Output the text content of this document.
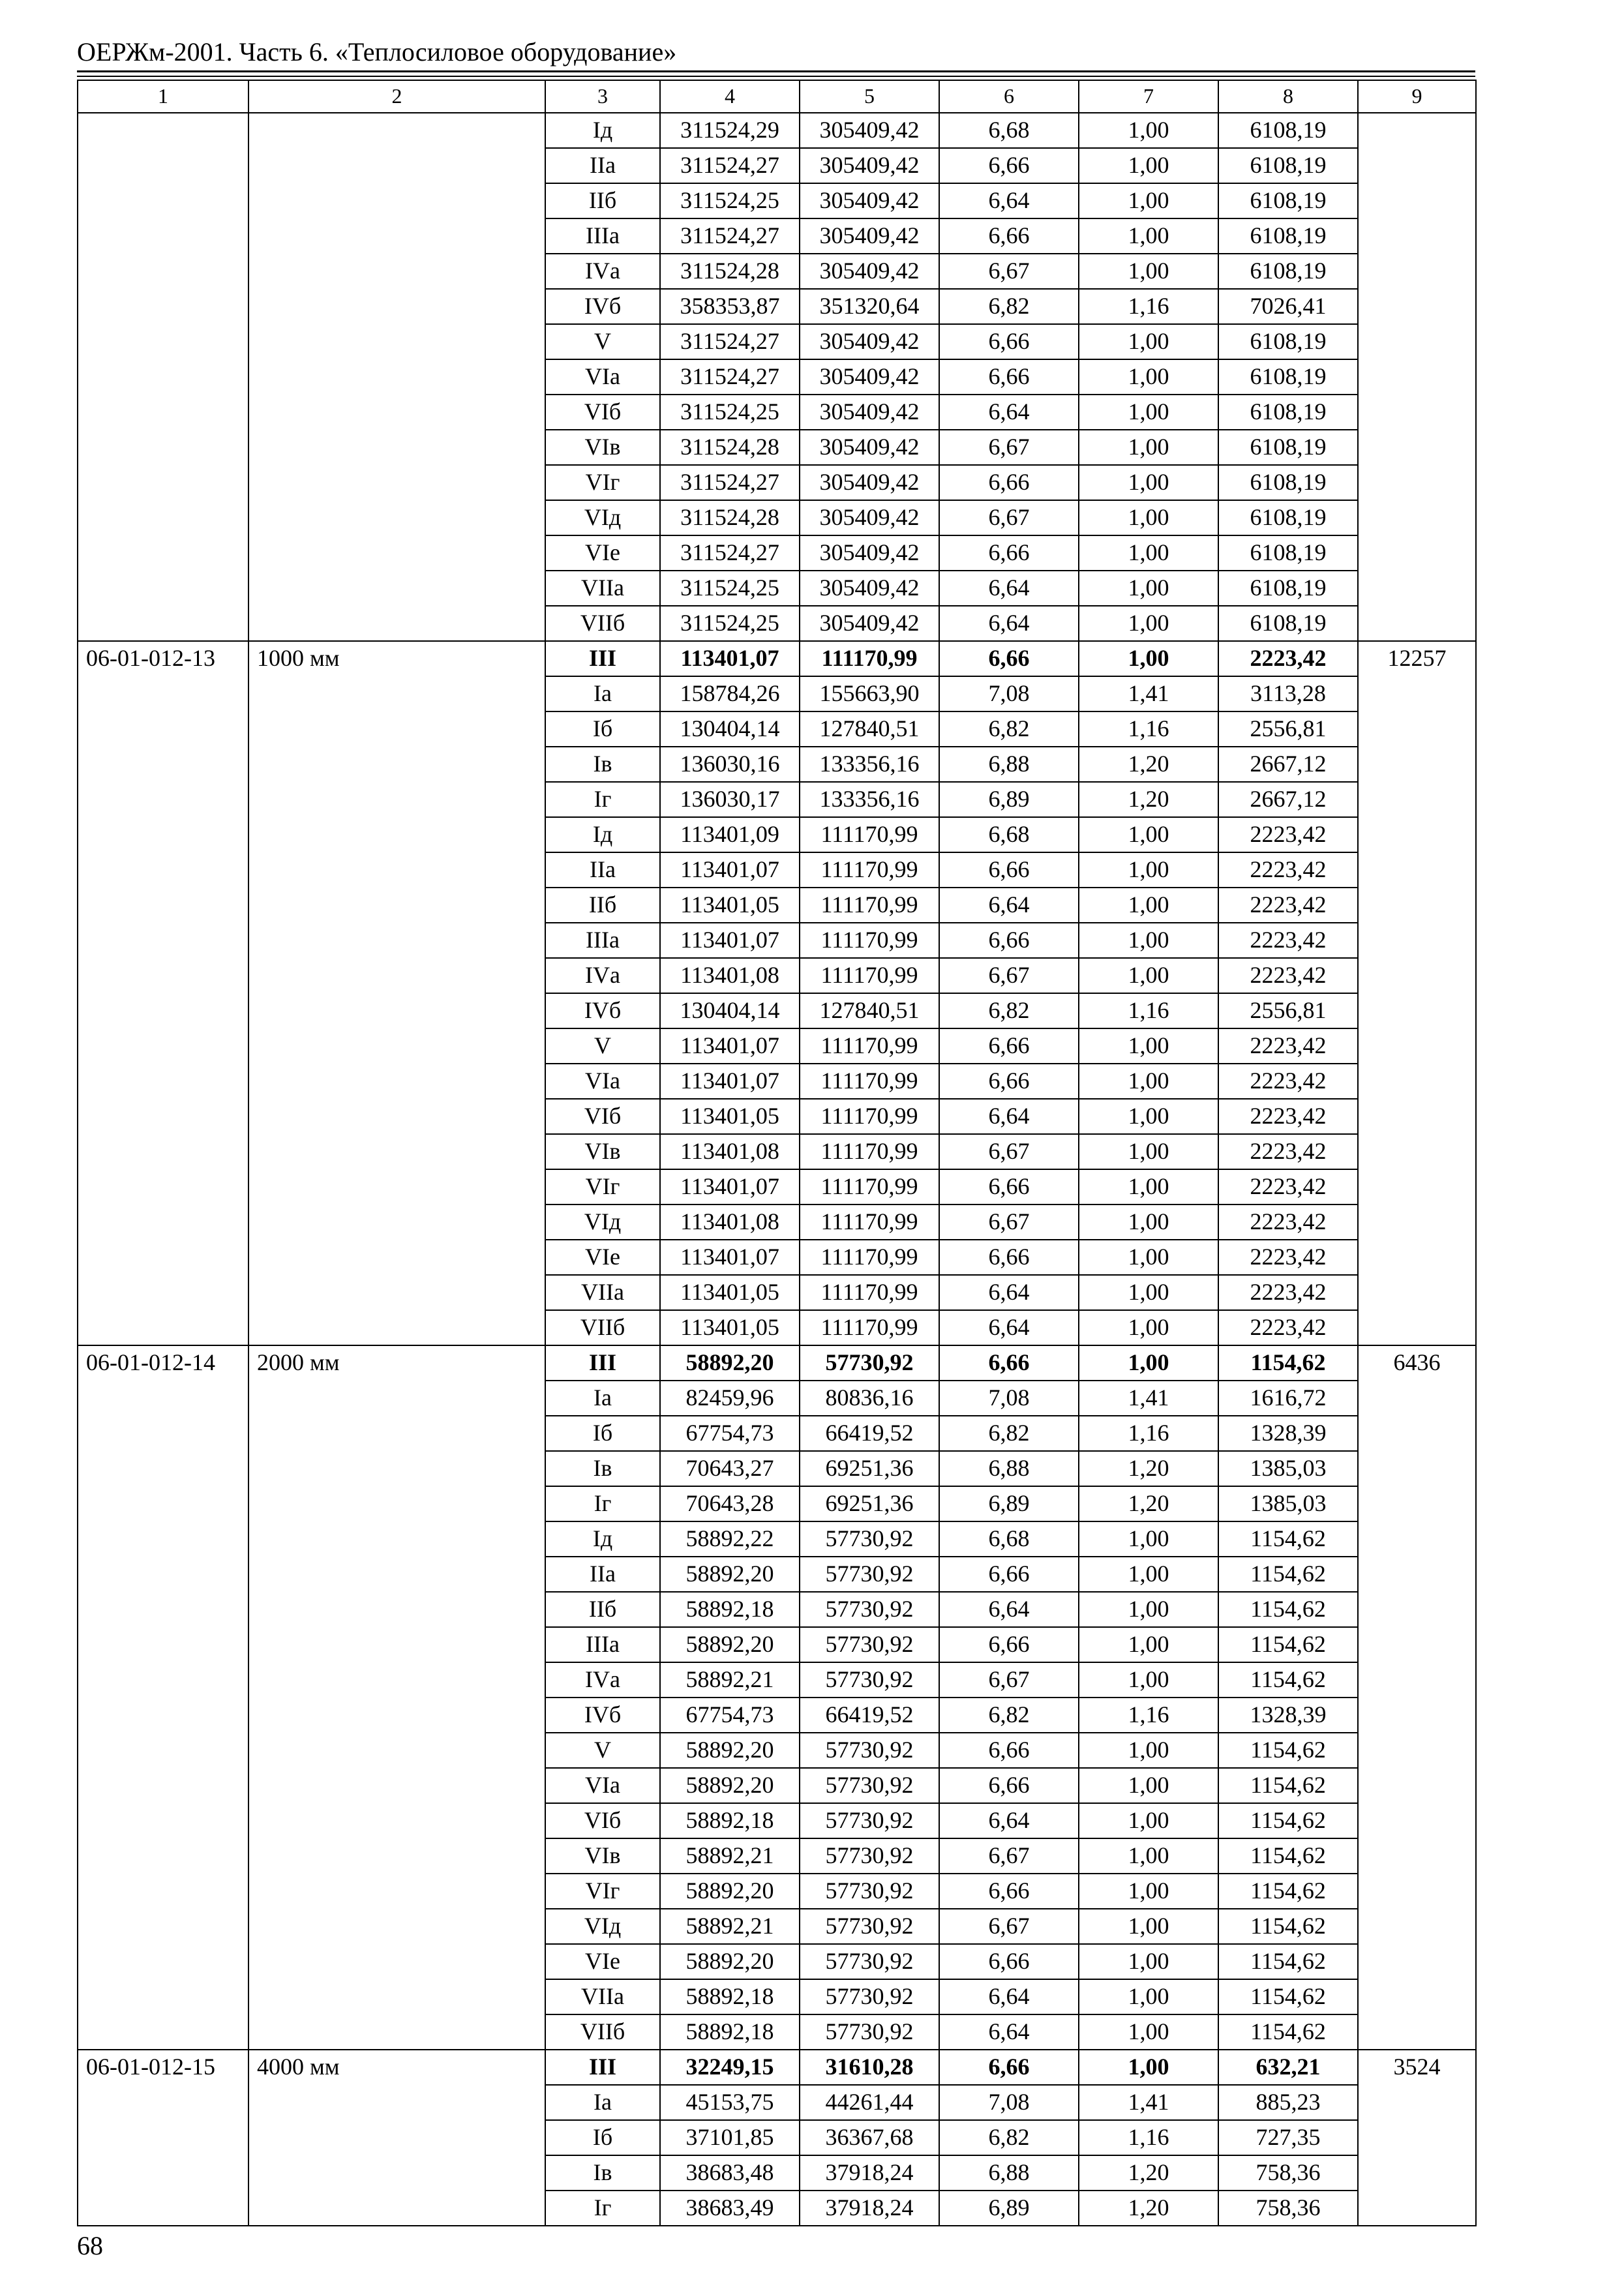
ОЕРЖм-2001. Часть 6. «Теплосиловое оборудование»
1	2	3	4	5	6	7	8	9
		Iд	311524,29	305409,42	6,68	1,00	6108,19	
		IIа	311524,27	305409,42	6,66	1,00	6108,19	
		IIб	311524,25	305409,42	6,64	1,00	6108,19	
		IIIа	311524,27	305409,42	6,66	1,00	6108,19	
		IVа	311524,28	305409,42	6,67	1,00	6108,19	
		IVб	358353,87	351320,64	6,82	1,16	7026,41	
		V	311524,27	305409,42	6,66	1,00	6108,19	
		VIа	311524,27	305409,42	6,66	1,00	6108,19	
		VIб	311524,25	305409,42	6,64	1,00	6108,19	
		VIв	311524,28	305409,42	6,67	1,00	6108,19	
		VIг	311524,27	305409,42	6,66	1,00	6108,19	
		VIд	311524,28	305409,42	6,67	1,00	6108,19	
		VIе	311524,27	305409,42	6,66	1,00	6108,19	
		VIIа	311524,25	305409,42	6,64	1,00	6108,19	
		VIIб	311524,25	305409,42	6,64	1,00	6108,19	
06-01-012-13	1000 мм	III	113401,07	111170,99	6,66	1,00	2223,42	12257
		Iа	158784,26	155663,90	7,08	1,41	3113,28	
		Iб	130404,14	127840,51	6,82	1,16	2556,81	
		Iв	136030,16	133356,16	6,88	1,20	2667,12	
		Iг	136030,17	133356,16	6,89	1,20	2667,12	
		Iд	113401,09	111170,99	6,68	1,00	2223,42	
		IIа	113401,07	111170,99	6,66	1,00	2223,42	
		IIб	113401,05	111170,99	6,64	1,00	2223,42	
		IIIа	113401,07	111170,99	6,66	1,00	2223,42	
		IVа	113401,08	111170,99	6,67	1,00	2223,42	
		IVб	130404,14	127840,51	6,82	1,16	2556,81	
		V	113401,07	111170,99	6,66	1,00	2223,42	
		VIа	113401,07	111170,99	6,66	1,00	2223,42	
		VIб	113401,05	111170,99	6,64	1,00	2223,42	
		VIв	113401,08	111170,99	6,67	1,00	2223,42	
		VIг	113401,07	111170,99	6,66	1,00	2223,42	
		VIд	113401,08	111170,99	6,67	1,00	2223,42	
		VIе	113401,07	111170,99	6,66	1,00	2223,42	
		VIIа	113401,05	111170,99	6,64	1,00	2223,42	
		VIIб	113401,05	111170,99	6,64	1,00	2223,42	
06-01-012-14	2000 мм	III	58892,20	57730,92	6,66	1,00	1154,62	6436
		Iа	82459,96	80836,16	7,08	1,41	1616,72	
		Iб	67754,73	66419,52	6,82	1,16	1328,39	
		Iв	70643,27	69251,36	6,88	1,20	1385,03	
		Iг	70643,28	69251,36	6,89	1,20	1385,03	
		Iд	58892,22	57730,92	6,68	1,00	1154,62	
		IIа	58892,20	57730,92	6,66	1,00	1154,62	
		IIб	58892,18	57730,92	6,64	1,00	1154,62	
		IIIа	58892,20	57730,92	6,66	1,00	1154,62	
		IVа	58892,21	57730,92	6,67	1,00	1154,62	
		IVб	67754,73	66419,52	6,82	1,16	1328,39	
		V	58892,20	57730,92	6,66	1,00	1154,62	
		VIа	58892,20	57730,92	6,66	1,00	1154,62	
		VIб	58892,18	57730,92	6,64	1,00	1154,62	
		VIв	58892,21	57730,92	6,67	1,00	1154,62	
		VIг	58892,20	57730,92	6,66	1,00	1154,62	
		VIд	58892,21	57730,92	6,67	1,00	1154,62	
		VIе	58892,20	57730,92	6,66	1,00	1154,62	
		VIIа	58892,18	57730,92	6,64	1,00	1154,62	
		VIIб	58892,18	57730,92	6,64	1,00	1154,62	
06-01-012-15	4000 мм	III	32249,15	31610,28	6,66	1,00	632,21	3524
		Iа	45153,75	44261,44	7,08	1,41	885,23	
		Iб	37101,85	36367,68	6,82	1,16	727,35	
		Iв	38683,48	37918,24	6,88	1,20	758,36	
		Iг	38683,49	37918,24	6,89	1,20	758,36	
68
